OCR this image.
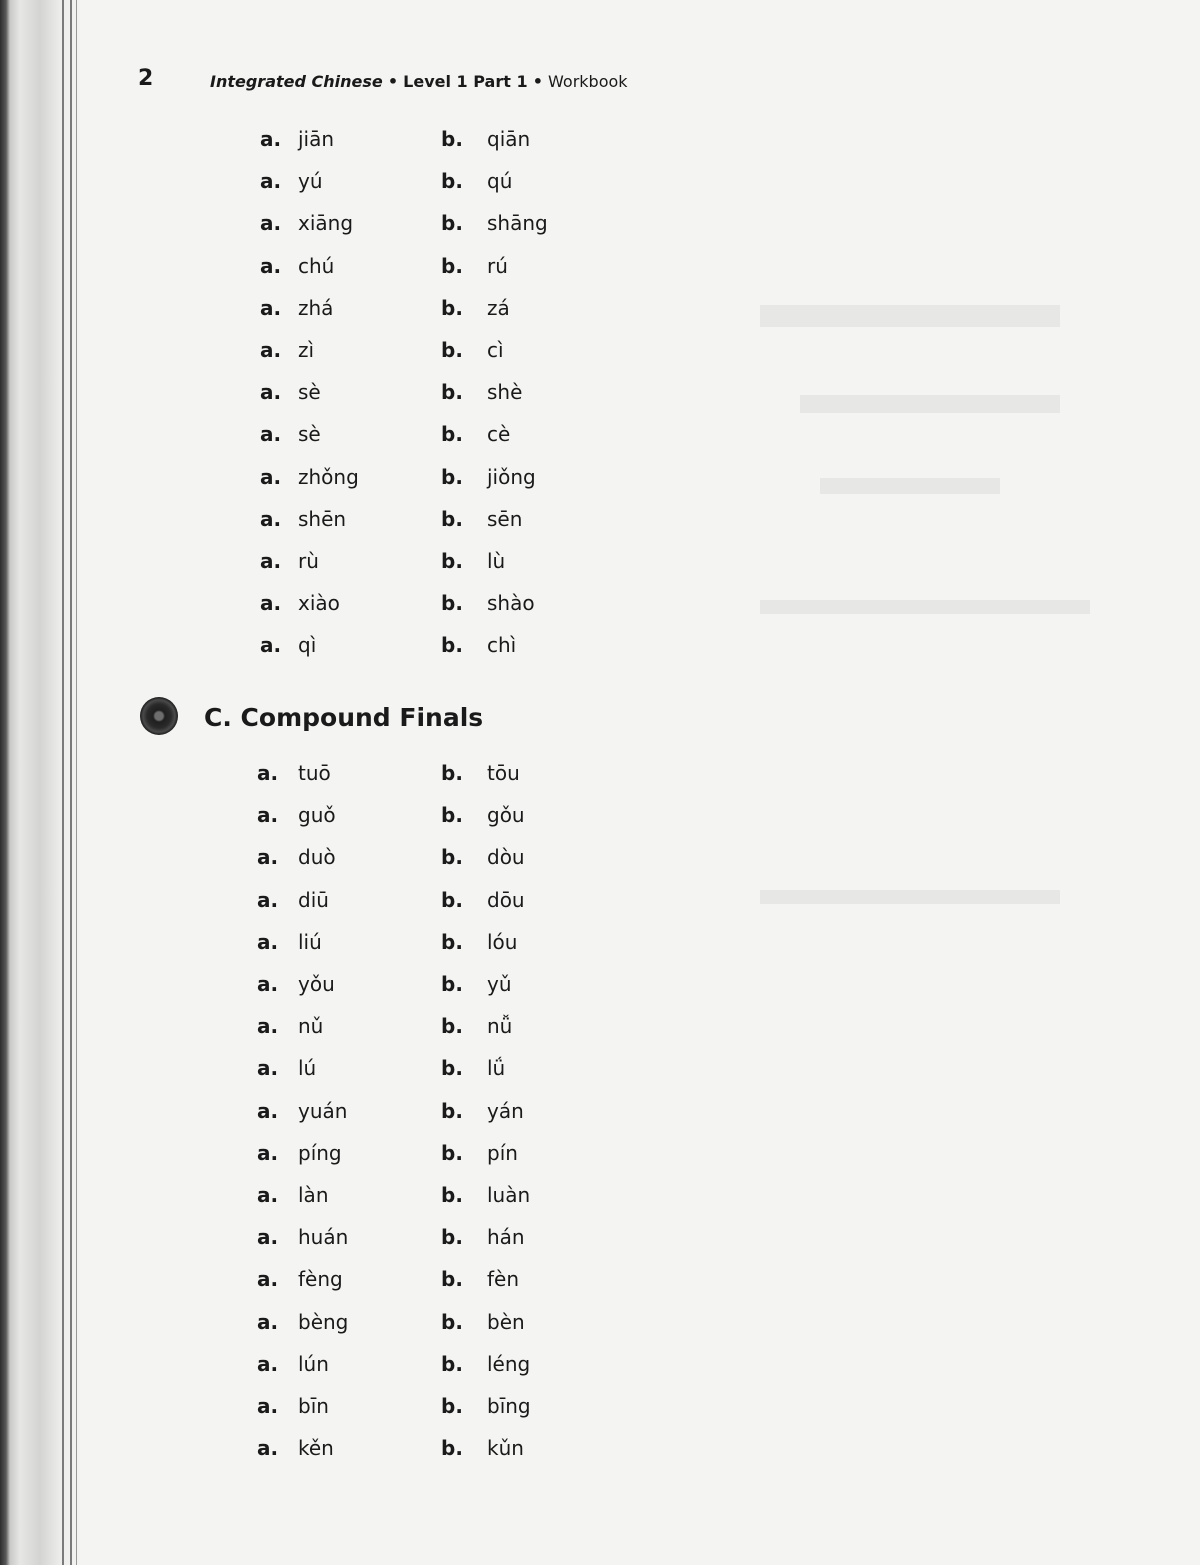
2	Integrated Chinese • Level 1 Part 1 • Workbook
a. jiān	b. qiān
a. yú	b. qú
a. xiāng	b. shāng
a. chú	b. rú
a. zhá	b. zá
a. zì	b. cì
a. sè	b. shè
a. sè	b. cè
a. zhǒng	b. jiǒng
a. shēn	b. sēn
a. rù	b. lù
a. xiào	b. shào
a. qì	b. chì
C. Compound Finals
a. tuō	b. tōu
a. guǒ	b. gǒu
a. duò	b. dòu
a. diū	b. dōu
a. liú	b. lóu
a. yǒu	b. yǔ
a. nǔ	b. nǚ
a. lú	b. lǘ
a. yuán	b. yán
a. píng	b. pín
a. làn	b. luàn
a. huán	b. hán
a. fèng	b. fèn
a. bèng	b. bèn
a. lún	b. léng
a. bīn	b. bīng
a. kěn	b. kǔn
